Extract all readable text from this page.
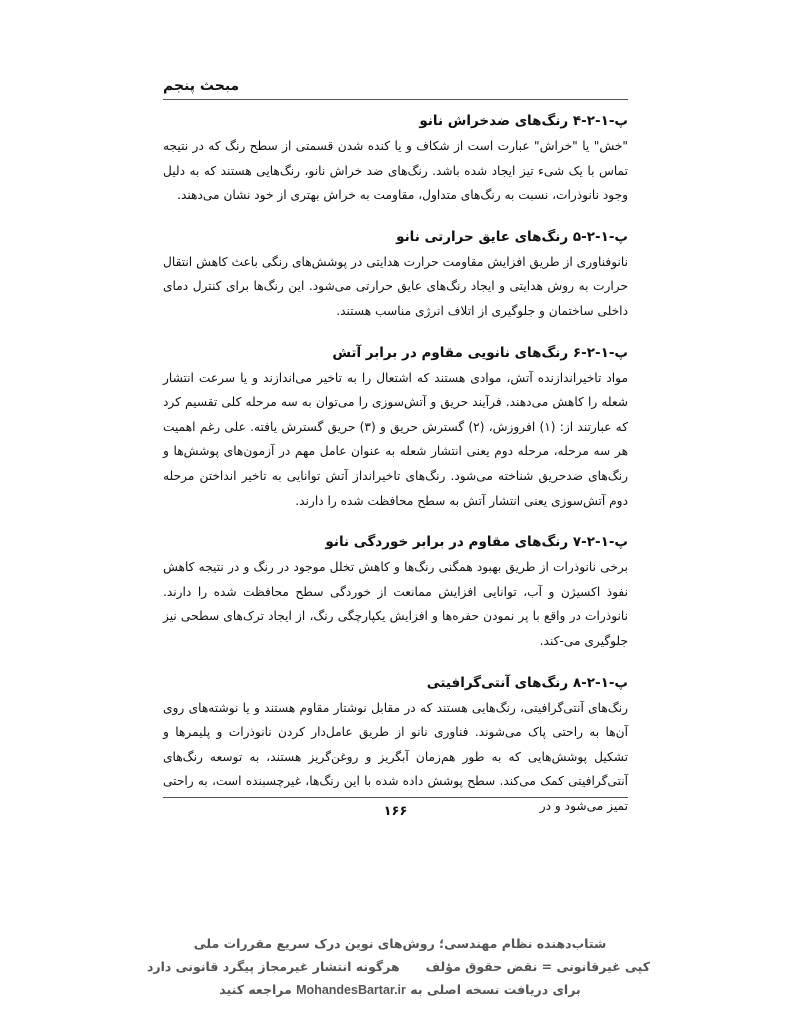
مبحث پنجم
پ-۱-۲-۴ رنگ‌های ضدخراش نانو

"خش" یا "خراش" عبارت است از شکاف و یا کنده شدن قسمتی از سطح رنگ که در نتیجه تماس با یک شیء تیز ایجاد شده باشد. رنگ‌های ضد خراش نانو، رنگ‌هایی هستند که به دلیل وجود نانوذرات، نسبت به رنگ‌های متداول، مقاومت به خراش بهتری از خود نشان می‌دهند.

پ-۱-۲-۵ رنگ‌های عایق حرارتی نانو

نانوفناوری از طریق افزایش مقاومت حرارت هدایتی در پوشش‌های رنگی باعث کاهش انتقال حرارت به روش هدایتی و ایجاد رنگ‌های عایق حرارتی می‌شود. این رنگ‌ها برای کنترل دمای داخلی ساختمان و جلوگیری از اتلاف انرژی مناسب هستند.

پ-۱-۲-۶ رنگ‌های نانویی مقاوم در برابر آتش

مواد تاخیراندازنده آتش، موادی هستند که اشتعال را به تاخیر می‌اندازند و یا سرعت انتشار شعله را کاهش می‌دهند. فرآیند حریق و آتش‌سوزی را می‌توان به سه مرحله کلی تقسیم کرد که عبارتند از: (۱) افروزش، (۲) گسترش حریق و (۳) حریق گسترش یافته. علی رغم اهمیت هر سه مرحله، مرحله دوم یعنی انتشار شعله به عنوان عامل مهم در آزمون‌های پوشش‌ها و رنگ‌های ضدحریق شناخته می‌شود. رنگ‌های تاخیرانداز آتش توانایی به تاخیر انداختن مرحله دوم آتش‌سوزی یعنی انتشار آتش به سطح محافظت شده را دارند.

پ-۱-۲-۷ رنگ‌های مقاوم در برابر خوردگی نانو

برخی نانوذرات از طریق بهبود همگنی رنگ‌ها و کاهش تخلل موجود در رنگ و در نتیجه کاهش نفوذ اکسیژن و آب، توانایی افزایش ممانعت از خوردگی سطح محافظت شده را دارند. نانوذرات در واقع با پر نمودن حفره‌ها و افزایش یکپارچگی رنگ، از ایجاد ترک‌های سطحی نیز جلوگیری می-کند.

پ-۱-۲-۸ رنگ‌های آنتی‌گرافیتی

رنگ‌های آنتی‌گرافیتی، رنگ‌هایی هستند که در مقابل نوشتار مقاوم هستند و یا نوشته‌های روی آن‌ها به راحتی پاک می‌شوند. فناوری نانو از طریق عامل‌دار کردن نانوذرات و پلیمرها و تشکیل پوشش‌هایی که به طور هم‌زمان آبگریز و روغن‌گریز هستند، به توسعه رنگ‌های آنتی‌گرافیتی کمک می‌کند. سطح پوشش داده شده با این رنگ‌ها، غیرچسبنده است، به راحتی تمیز می‌شود و در

۱۶۶
شتاب‌دهنده نظام مهندسی؛ روش‌های نوین درک سریع مقررات ملی
کپی غیرقانونی = نقض حقوق مؤلفهرگونه انتشار غیرمجاز پیگرد قانونی دارد
برای دریافت نسخه اصلی به MohandesBartar.ir مراجعه کنید
